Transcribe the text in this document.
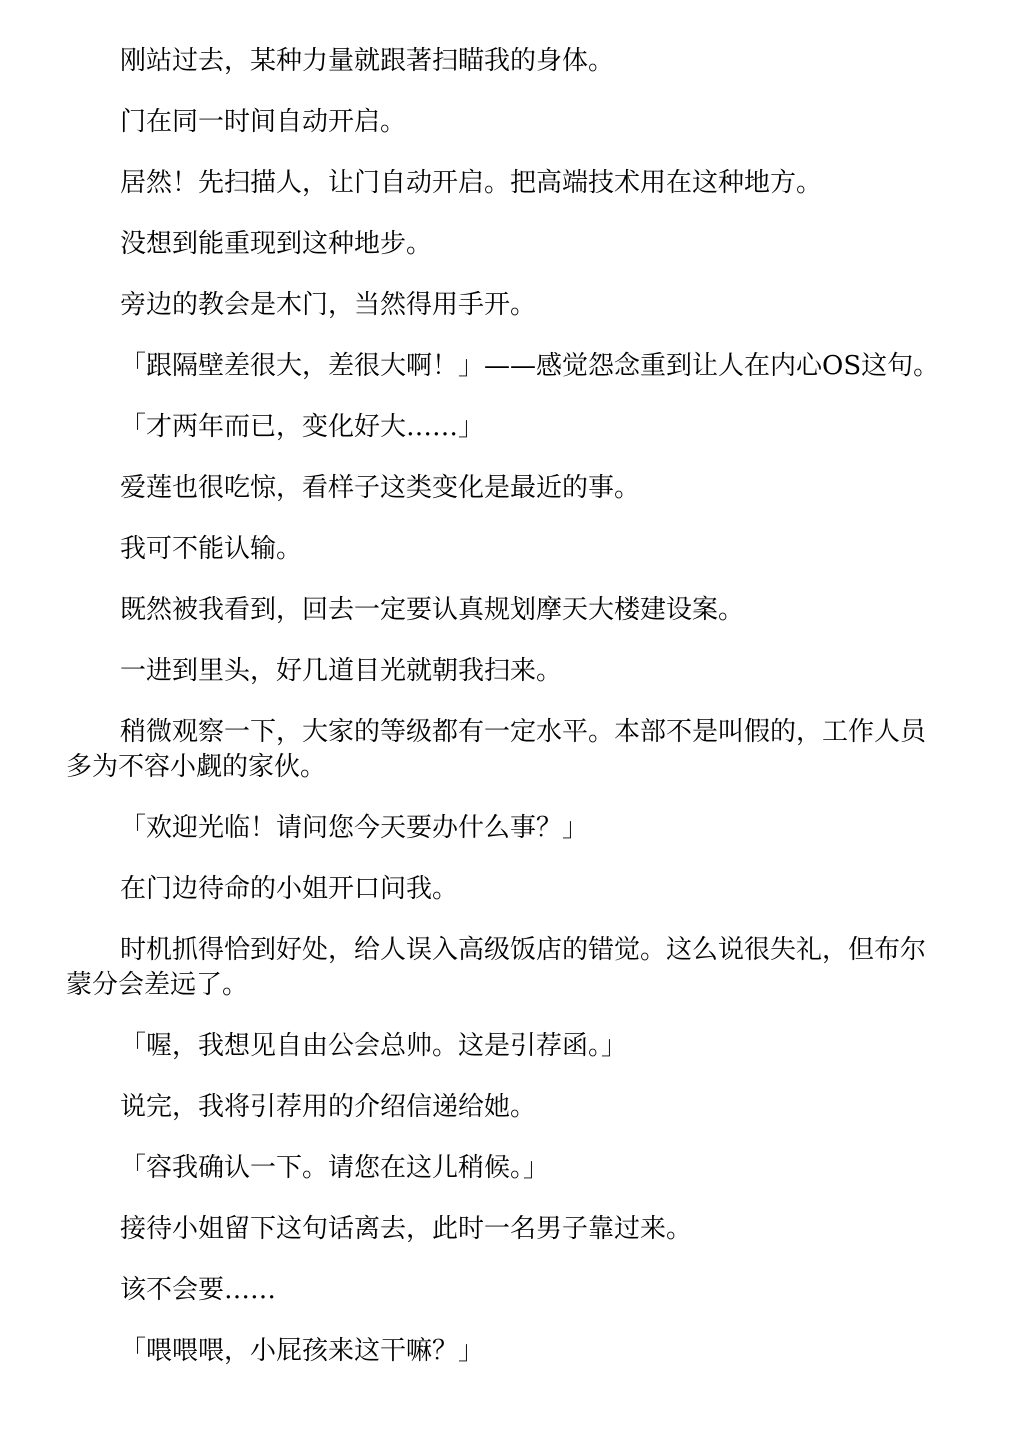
刚站过去，某种力量就跟著扫瞄我的身体。

门在同一时间自动开启。

居然！先扫描人，让门自动开启。把高端技术用在这种地方。

没想到能重现到这种地步。

旁边的教会是木门，当然得用手开。

「跟隔壁差很大，差很大啊！」——感觉怨念重到让人在内心OS这句。

「才两年而已，变化好大……」

爱莲也很吃惊，看样子这类变化是最近的事。

我可不能认输。

既然被我看到，回去一定要认真规划摩天大楼建设案。

一进到里头，好几道目光就朝我扫来。

稍微观察一下，大家的等级都有一定水平。本部不是叫假的，工作人员多为不容小觑的家伙。

「欢迎光临！请问您今天要办什么事？」

在门边待命的小姐开口问我。

时机抓得恰到好处，给人误入高级饭店的错觉。这么说很失礼，但布尔蒙分会差远了。

「喔，我想见自由公会总帅。这是引荐函。」

说完，我将引荐用的介绍信递给她。

「容我确认一下。请您在这儿稍候。」

接待小姐留下这句话离去，此时一名男子靠过来。

该不会要……

「喂喂喂，小屁孩来这干嘛？」
